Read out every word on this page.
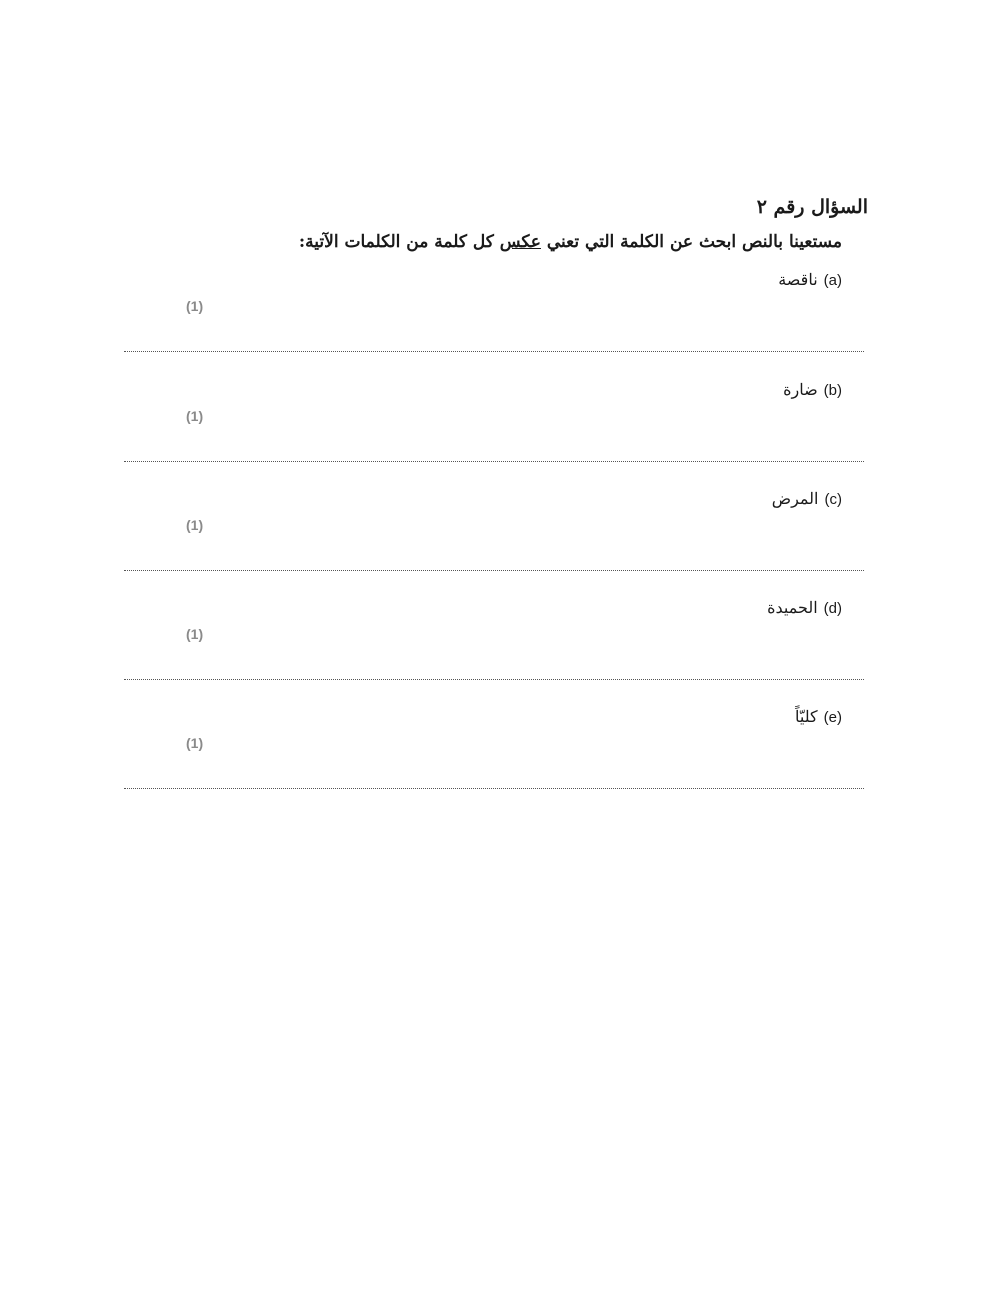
السؤال رقم ٢
مستعينا بالنص ابحث عن الكلمة التي تعني عكس كل كلمة من الكلمات الآتية:
(a)ناقصة
(1)
(b)ضارة
(1)
(c)المرض
(1)
(d)الحميدة
(1)
(e)كليّاً
(1)
